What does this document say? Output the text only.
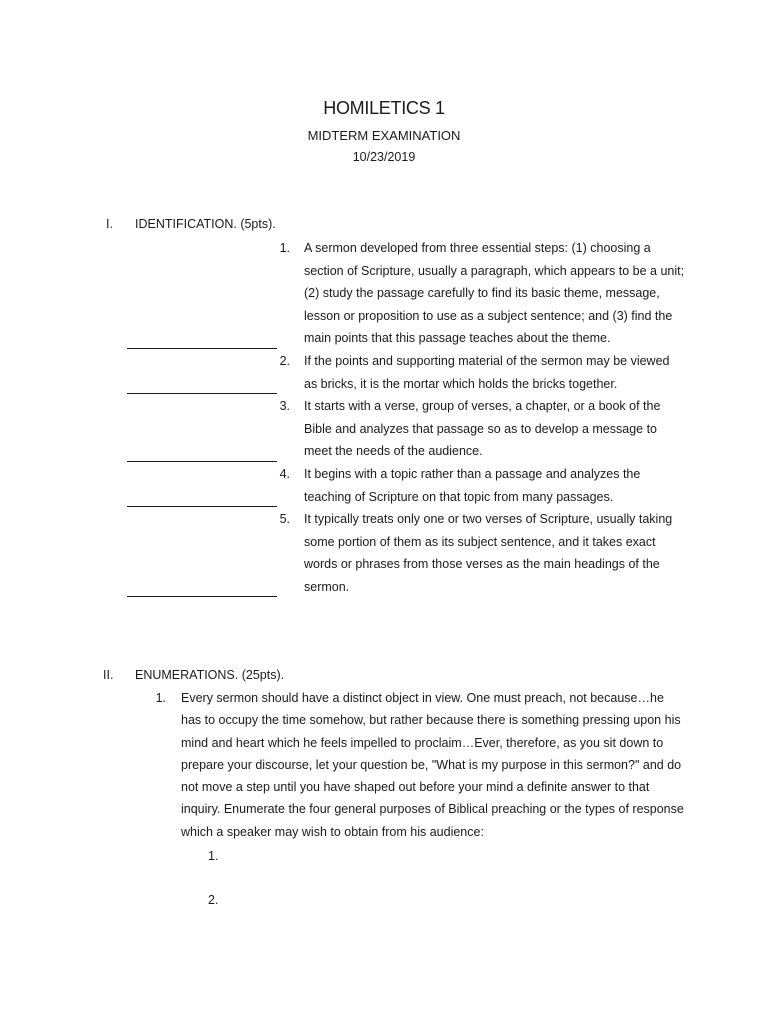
HOMILETICS 1
MIDTERM EXAMINATION
10/23/2019
I. IDENTIFICATION. (5pts).
1. A sermon developed from three essential steps: (1) choosing a section of Scripture, usually a paragraph, which appears to be a unit; (2) study the passage carefully to find its basic theme, message, lesson or proposition to use as a subject sentence; and (3) find the main points that this passage teaches about the theme.
2. If the points and supporting material of the sermon may be viewed as bricks, it is the mortar which holds the bricks together.
3. It starts with a verse, group of verses, a chapter, or a book of the Bible and analyzes that passage so as to develop a message to meet the needs of the audience.
4. It begins with a topic rather than a passage and analyzes the teaching of Scripture on that topic from many passages.
5. It typically treats only one or two verses of Scripture, usually taking some portion of them as its subject sentence, and it takes exact words or phrases from those verses as the main headings of the sermon.
II. ENUMERATIONS. (25pts).
1. Every sermon should have a distinct object in view. One must preach, not because…he has to occupy the time somehow, but rather because there is something pressing upon his mind and heart which he feels impelled to proclaim…Ever, therefore, as you sit down to prepare your discourse, let your question be, "What is my purpose in this sermon?" and do not move a step until you have shaped out before your mind a definite answer to that inquiry. Enumerate the four general purposes of Biblical preaching or the types of response which a speaker may wish to obtain from his audience:
1.
2.
